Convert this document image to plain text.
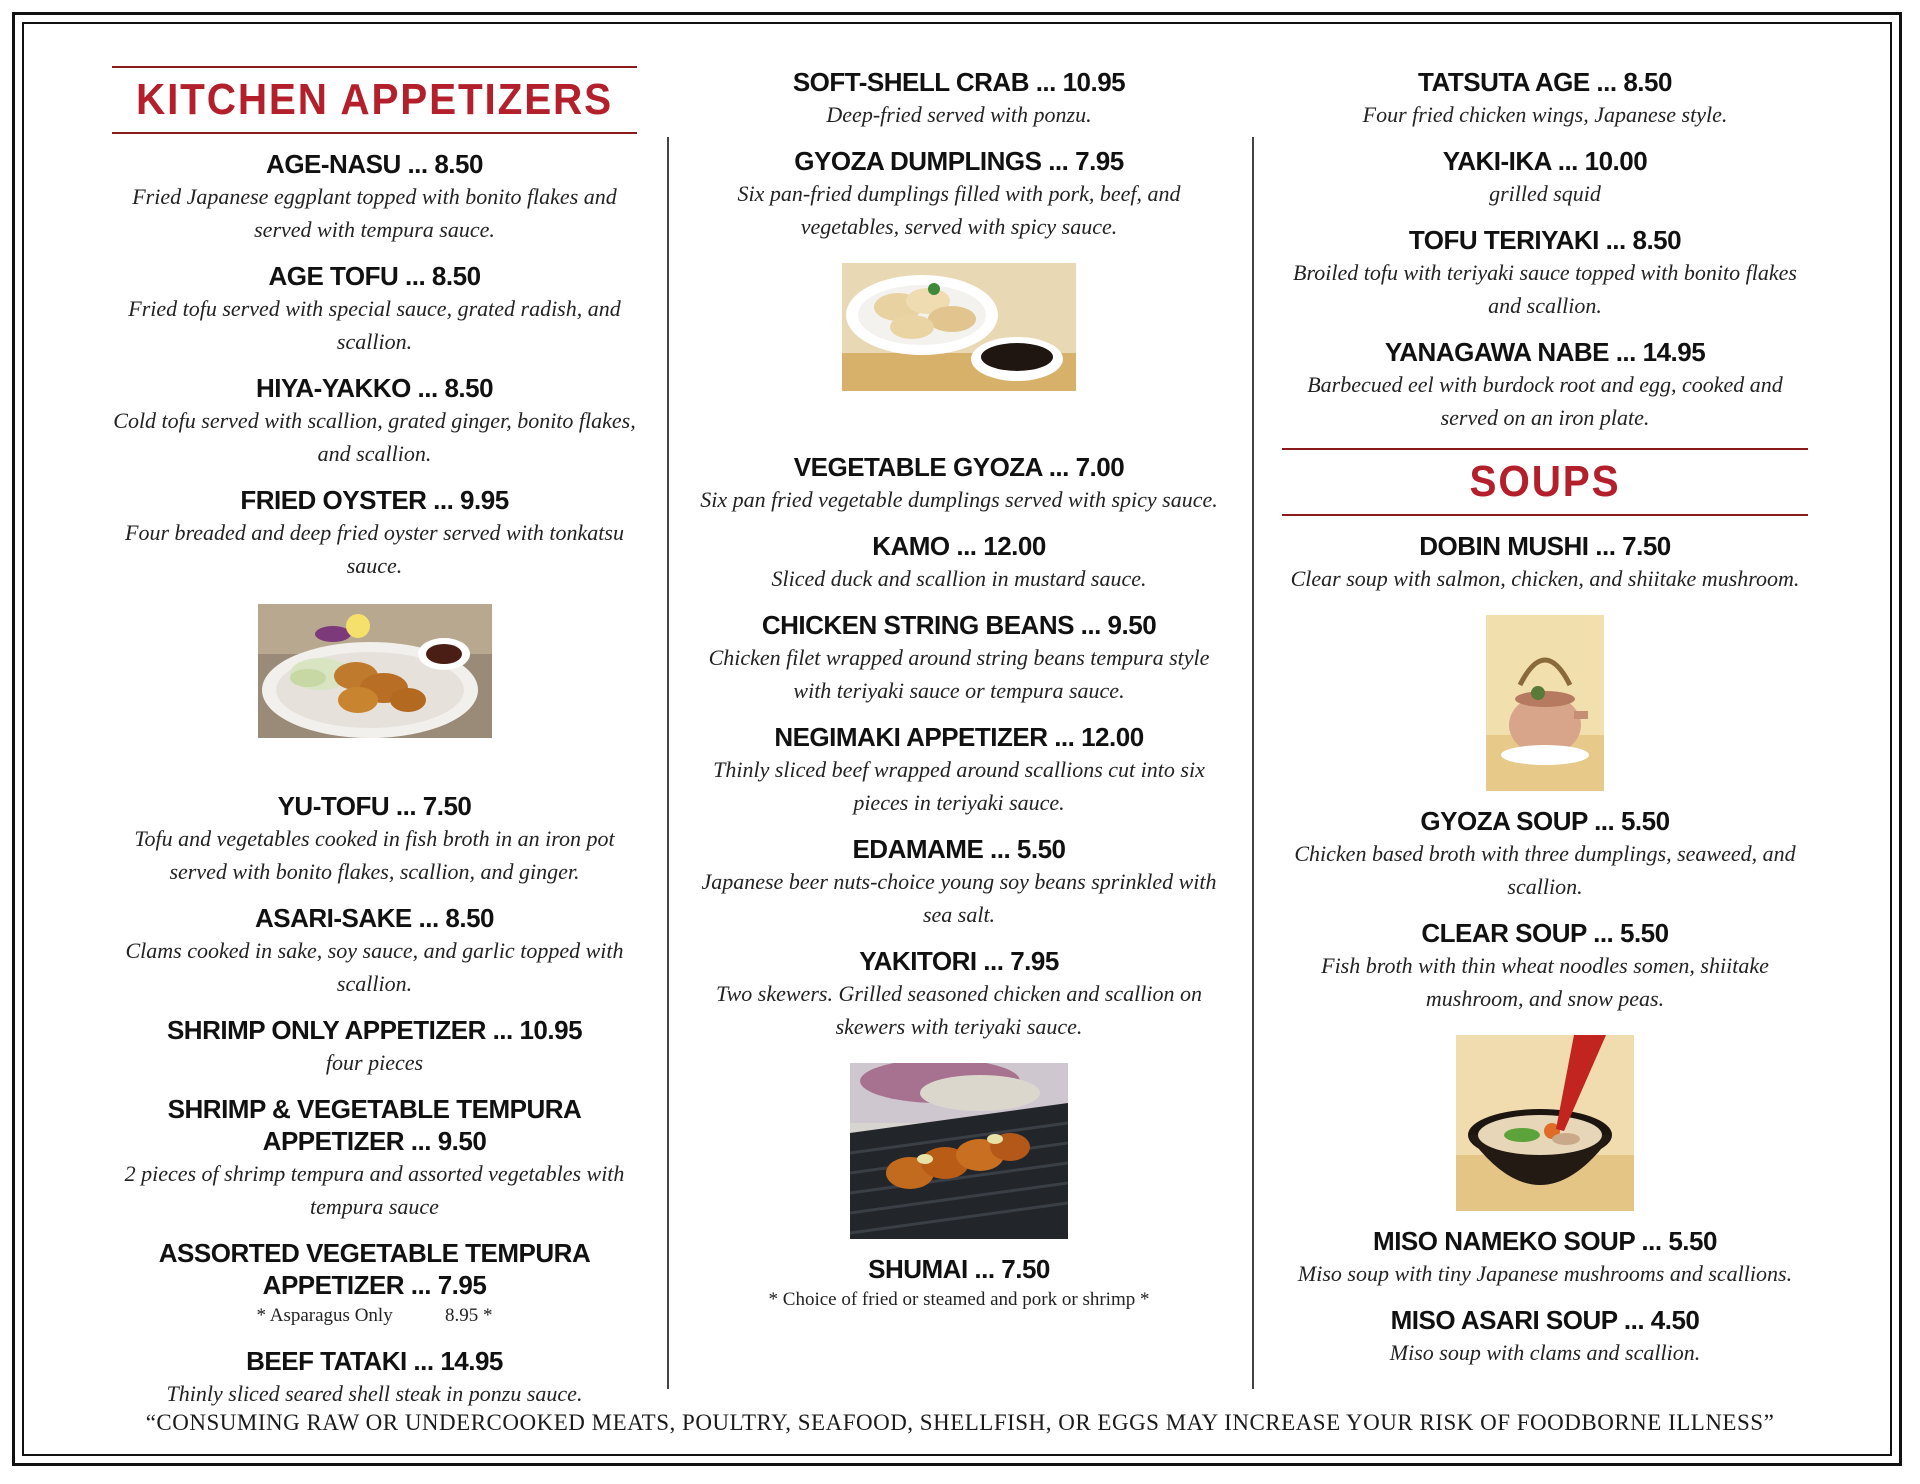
KITCHEN APPETIZERS
AGE-NASU ... 8.50
Fried Japanese eggplant topped with bonito flakes and served with tempura sauce.
AGE TOFU ... 8.50
Fried tofu served with special sauce, grated radish, and scallion.
HIYA-YAKKO ... 8.50
Cold tofu served with scallion, grated ginger, bonito flakes, and scallion.
FRIED OYSTER ... 9.95
Four breaded and deep fried oyster served with tonkatsu sauce.
YU-TOFU ... 7.50
Tofu and vegetables cooked in fish broth in an iron pot served with bonito flakes, scallion, and ginger.
ASARI-SAKE ... 8.50
Clams cooked in sake, soy sauce, and garlic topped with scallion.
SHRIMP ONLY APPETIZER ... 10.95
four pieces
SHRIMP & VEGETABLE TEMPURA APPETIZER ... 9.50
2 pieces of shrimp tempura and assorted vegetables with tempura sauce
ASSORTED VEGETABLE TEMPURA APPETIZER ... 7.95
* Asparagus Only           8.95 *
BEEF TATAKI ... 14.95
Thinly sliced seared shell steak in ponzu sauce.
SOFT-SHELL CRAB ... 10.95
Deep-fried served with ponzu.
GYOZA DUMPLINGS ... 7.95
Six pan-fried dumplings filled with pork, beef, and vegetables, served with spicy sauce.
VEGETABLE GYOZA ... 7.00
Six pan fried vegetable dumplings served with spicy sauce.
KAMO ... 12.00
Sliced duck and scallion in mustard sauce.
CHICKEN STRING BEANS ... 9.50
Chicken filet wrapped around string beans tempura style with teriyaki sauce or tempura sauce.
NEGIMAKI APPETIZER ... 12.00
Thinly sliced beef wrapped around scallions cut into six pieces in teriyaki sauce.
EDAMAME ... 5.50
Japanese beer nuts-choice young soy beans sprinkled with sea salt.
YAKITORI ... 7.95
Two skewers. Grilled seasoned chicken and scallion on skewers with teriyaki sauce.
SHUMAI ... 7.50
* Choice of fried or steamed and pork or shrimp *
TATSUTA AGE ... 8.50
Four fried chicken wings, Japanese style.
YAKI-IKA ... 10.00
grilled squid
TOFU TERIYAKI ... 8.50
Broiled tofu with teriyaki sauce topped with bonito flakes and scallion.
YANAGAWA NABE ... 14.95
Barbecued eel with burdock root and egg, cooked and served on an iron plate.
SOUPS
DOBIN MUSHI ... 7.50
Clear soup with salmon, chicken, and shiitake mushroom.
GYOZA SOUP ... 5.50
Chicken based broth with three dumplings, seaweed, and scallion.
CLEAR SOUP ... 5.50
Fish broth with thin wheat noodles somen, shiitake mushroom, and snow peas.
MISO NAMEKO SOUP ... 5.50
Miso soup with tiny Japanese mushrooms and scallions.
MISO ASARI SOUP ... 4.50
Miso soup with clams and scallion.
“CONSUMING RAW OR UNDERCOOKED MEATS, POULTRY, SEAFOOD, SHELLFISH, OR EGGS MAY INCREASE YOUR RISK OF FOODBORNE ILLNESS”
